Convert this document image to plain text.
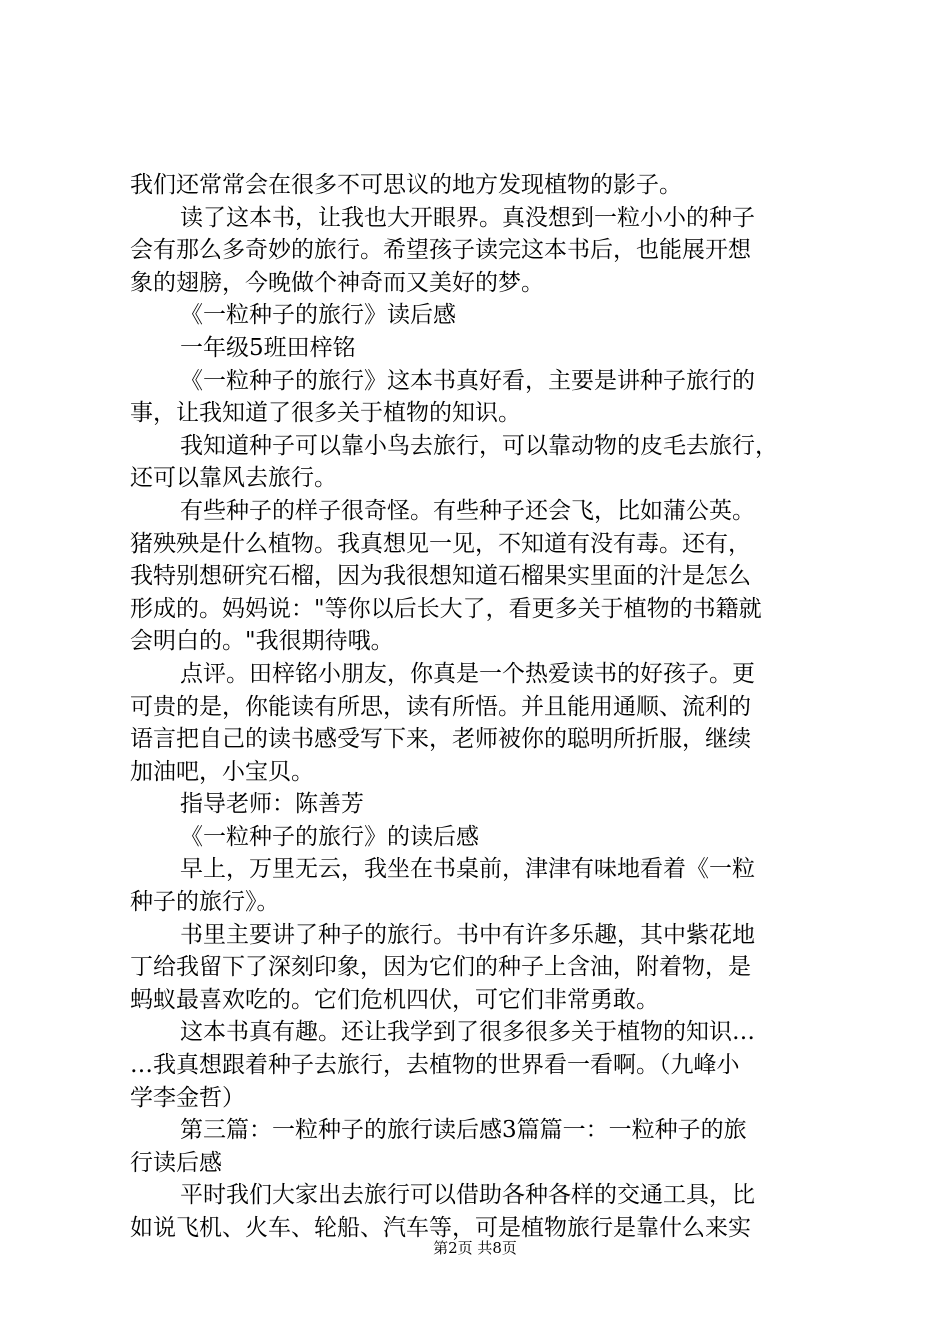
我们还常常会在很多不可思议的地方发现植物的影子。
读了这本书，让我也大开眼界。真没想到一粒小小的种子
会有那么多奇妙的旅行。希望孩子读完这本书后，也能展开想
象的翅膀，今晚做个神奇而又美好的梦。
《一粒种子的旅行》读后感
一年级5班田梓铭
《一粒种子的旅行》这本书真好看，主要是讲种子旅行的
事，让我知道了很多关于植物的知识。
我知道种子可以靠小鸟去旅行，可以靠动物的皮毛去旅行，
还可以靠风去旅行。
有些种子的样子很奇怪。有些种子还会飞，比如蒲公英。
猪殃殃是什么植物。我真想见一见，不知道有没有毒。还有，
我特别想研究石榴，因为我很想知道石榴果实里面的汁是怎么
形成的。妈妈说："等你以后长大了，看更多关于植物的书籍就
会明白的。"我很期待哦。
点评。田梓铭小朋友，你真是一个热爱读书的好孩子。更
可贵的是，你能读有所思，读有所悟。并且能用通顺、流利的
语言把自己的读书感受写下来，老师被你的聪明所折服，继续
加油吧，小宝贝。
指导老师：陈善芳
《一粒种子的旅行》的读后感
早上，万里无云，我坐在书桌前，津津有味地看着《一粒
种子的旅行》。
书里主要讲了种子的旅行。书中有许多乐趣，其中紫花地
丁给我留下了深刻印象，因为它们的种子上含油，附着物，是
蚂蚁最喜欢吃的。它们危机四伏，可它们非常勇敢。
这本书真有趣。还让我学到了很多很多关于植物的知识…
…我真想跟着种子去旅行，去植物的世界看一看啊。（九峰小
学李金哲）
第三篇：一粒种子的旅行读后感3篇篇一：一粒种子的旅
行读后感
平时我们大家出去旅行可以借助各种各样的交通工具，比
如说飞机、火车、轮船、汽车等，可是植物旅行是靠什么来实
第2页 共8页
